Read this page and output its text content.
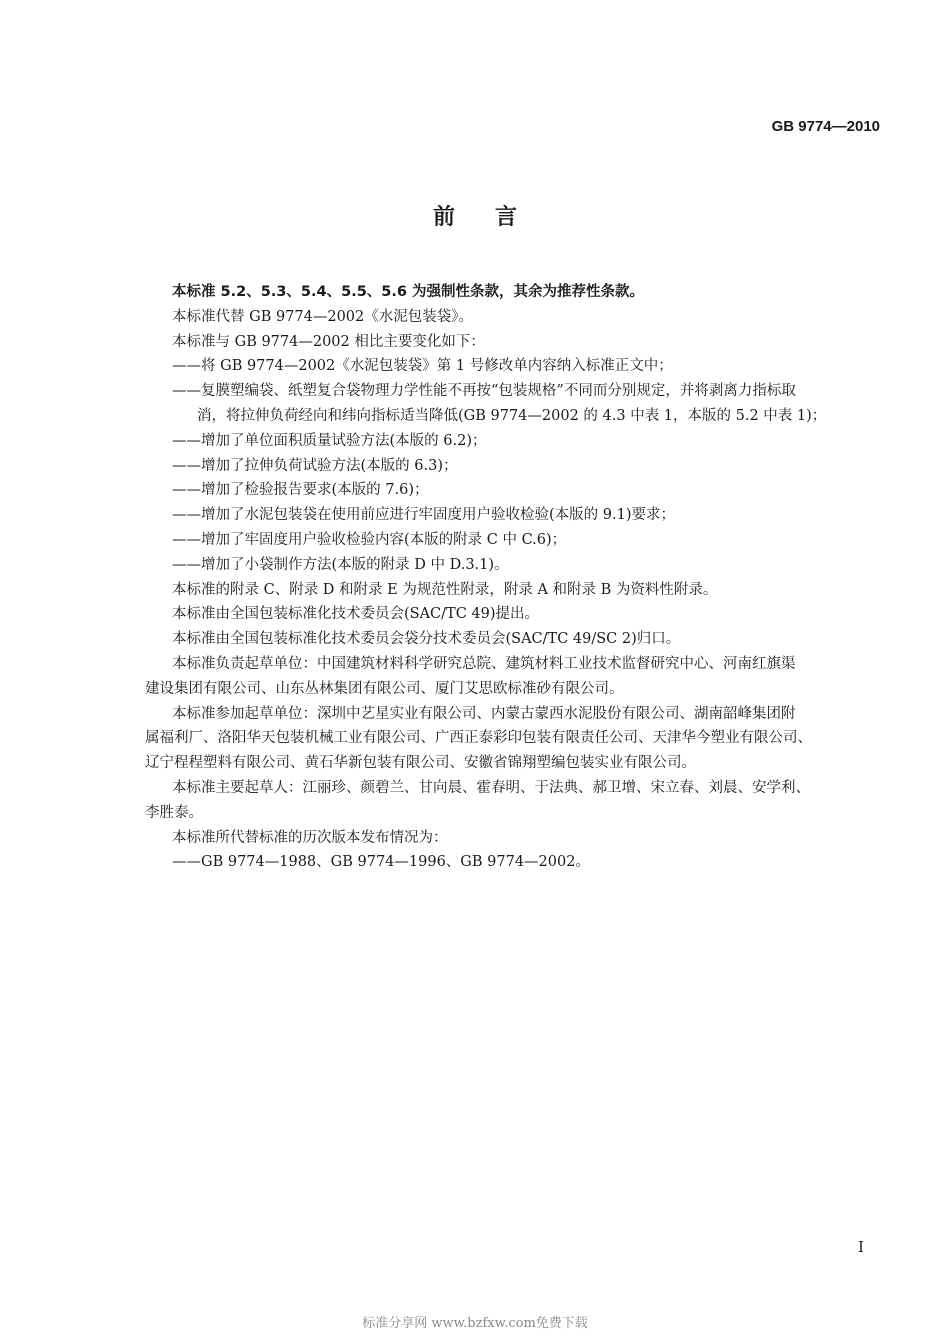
GB 9774—2010
前言
本标准 5.2、5.3、5.4、5.5、5.6 为强制性条款，其余为推荐性条款。
本标准代替 GB 9774—2002《水泥包装袋》。
本标准与 GB 9774—2002 相比主要变化如下：
——将 GB 9774—2002《水泥包装袋》第 1 号修改单内容纳入标准正文中；
——复膜塑编袋、纸塑复合袋物理力学性能不再按“包装规格”不同而分别规定，并将剥离力指标取
消，将拉伸负荷经向和纬向指标适当降低(GB 9774—2002 的 4.3 中表 1，本版的 5.2 中表 1)；
——增加了单位面积质量试验方法(本版的 6.2)；
——增加了拉伸负荷试验方法(本版的 6.3)；
——增加了检验报告要求(本版的 7.6)；
——增加了水泥包装袋在使用前应进行牢固度用户验收检验(本版的 9.1)要求；
——增加了牢固度用户验收检验内容(本版的附录 C 中 C.6)；
——增加了小袋制作方法(本版的附录 D 中 D.3.1)。
本标准的附录 C、附录 D 和附录 E 为规范性附录，附录 A 和附录 B 为资料性附录。
本标准由全国包装标准化技术委员会(SAC/TC 49)提出。
本标准由全国包装标准化技术委员会袋分技术委员会(SAC/TC 49/SC 2)归口。
本标准负责起草单位：中国建筑材料科学研究总院、建筑材料工业技术监督研究中心、河南红旗渠
建设集团有限公司、山东丛林集团有限公司、厦门艾思欧标准砂有限公司。
本标准参加起草单位：深圳中艺星实业有限公司、内蒙古蒙西水泥股份有限公司、湖南韶峰集团附
属福利厂、洛阳华天包装机械工业有限公司、广西正泰彩印包装有限责任公司、天津华今塑业有限公司、
辽宁程程塑料有限公司、黄石华新包装有限公司、安徽省锦翔塑编包装实业有限公司。
本标准主要起草人：江丽珍、颜碧兰、甘向晨、霍春明、于法典、郝卫增、宋立春、刘晨、安学利、
李胜泰。
本标准所代替标准的历次版本发布情况为：
——GB 9774—1988、GB 9774—1996、GB 9774—2002。
I
标准分享网 www.bzfxw.com免费下载
